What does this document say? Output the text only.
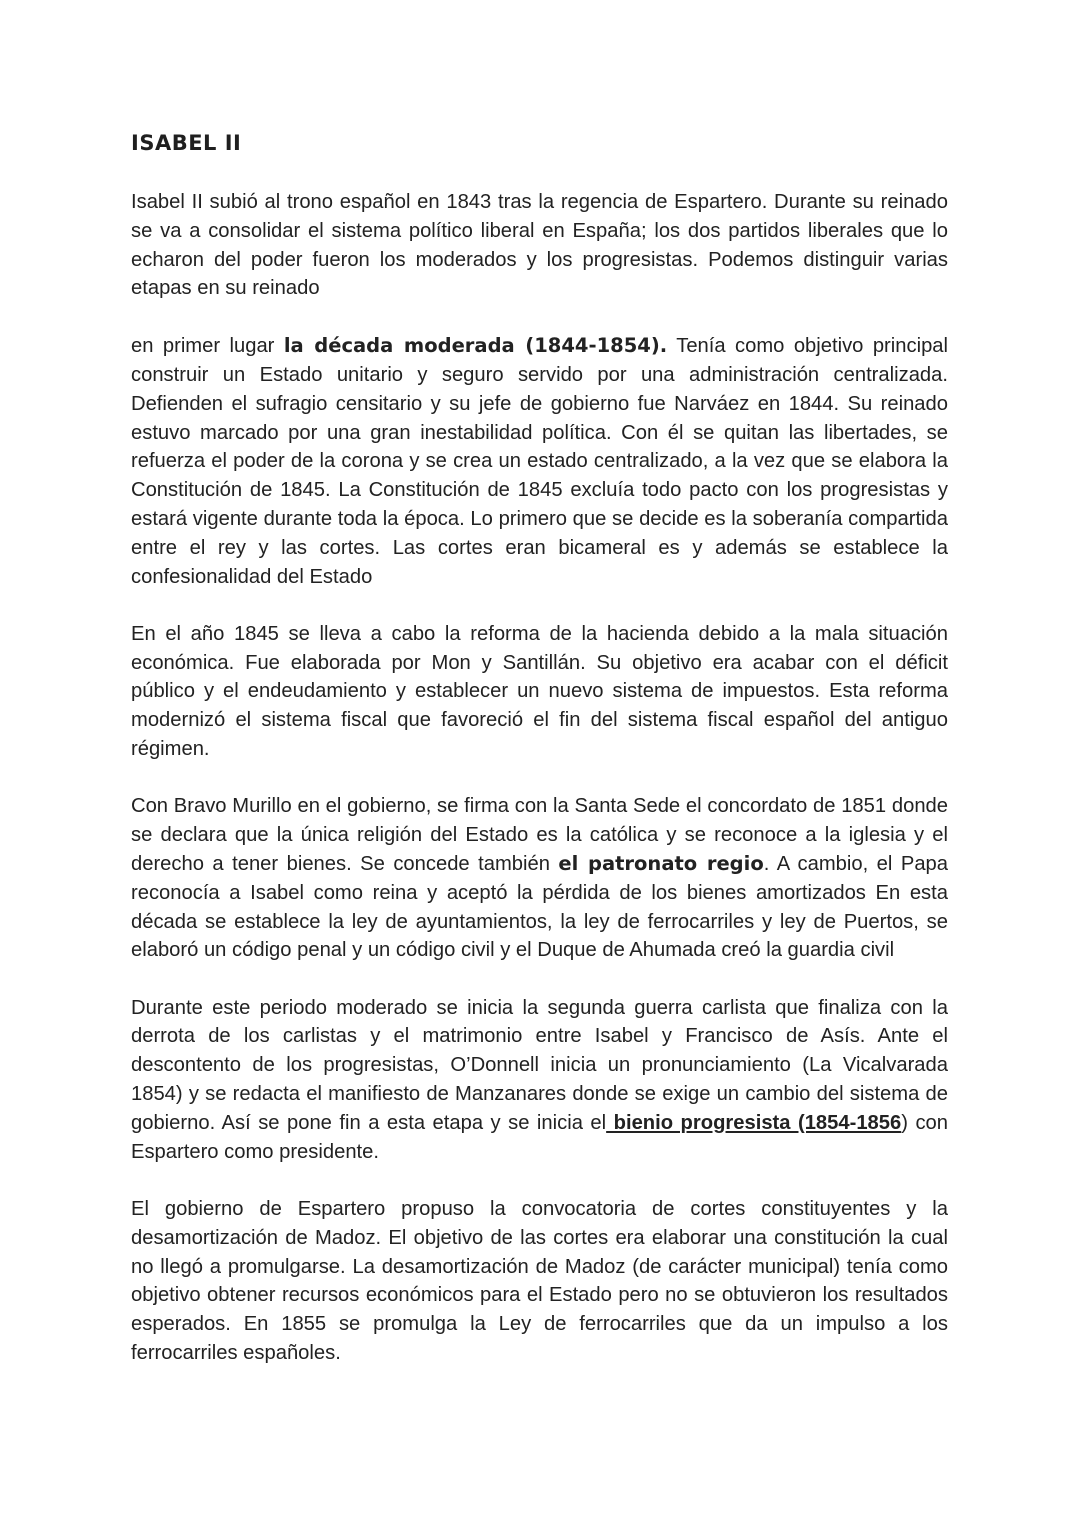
ISABEL II

Isabel II subió al trono español en 1843 tras la regencia de Espartero. Durante su reinado se va a consolidar el sistema político liberal en España; los dos partidos liberales que lo echaron del poder fueron los moderados y los progresistas. Podemos distinguir varias etapas en su reinado

en primer lugar la década moderada (1844-1854). Tenía como objetivo principal construir un Estado unitario y seguro servido por una administración centralizada. Defienden el sufragio censitario y su jefe de gobierno fue Narváez en 1844. Su reinado estuvo marcado por una gran inestabilidad política. Con él se quitan las libertades, se refuerza el poder de la corona y se crea un estado centralizado, a la vez que se elabora la Constitución de 1845. La Constitución de 1845 excluía todo pacto con los progresistas y estará vigente durante toda la época. Lo primero que se decide es la soberanía compartida entre el rey y las cortes. Las cortes eran bicameral es y además se establece la confesionalidad del Estado

En el año 1845 se lleva a cabo la reforma de la hacienda debido a la mala situación económica. Fue elaborada por Mon y Santillán. Su objetivo era acabar con el déficit público y el endeudamiento y establecer un nuevo sistema de impuestos. Esta reforma modernizó el sistema fiscal que favoreció el fin del sistema fiscal español del antiguo régimen.

Con Bravo Murillo en el gobierno, se firma con la Santa Sede el concordato de 1851 donde se declara que la única religión del Estado es la católica y se reconoce a la iglesia y el derecho a tener bienes. Se concede también el patronato regio. A cambio, el Papa reconocía a Isabel como reina y aceptó la pérdida de los bienes amortizados En esta década se establece la ley de ayuntamientos, la ley de ferrocarriles y ley de Puertos, se elaboró un código penal y un código civil y el Duque de Ahumada creó la guardia civil

Durante este periodo moderado se inicia la segunda guerra carlista que finaliza con la derrota de los carlistas y el matrimonio entre Isabel y Francisco de Asís. Ante el descontento de los progresistas, O’Donnell inicia un pronunciamiento (La Vicalvarada 1854) y se redacta el manifiesto de Manzanares donde se exige un cambio del sistema de gobierno. Así se pone fin a esta etapa y se inicia el bienio progresista (1854-1856) con Espartero como presidente.

El gobierno de Espartero propuso la convocatoria de cortes constituyentes y la desamortización de Madoz. El objetivo de las cortes era elaborar una constitución la cual no llegó a promulgarse. La desamortización de Madoz (de carácter municipal) tenía como objetivo obtener recursos económicos para el Estado pero no se obtuvieron los resultados esperados. En 1855 se promulga la Ley de ferrocarriles que da un impulso a los ferrocarriles españoles.
